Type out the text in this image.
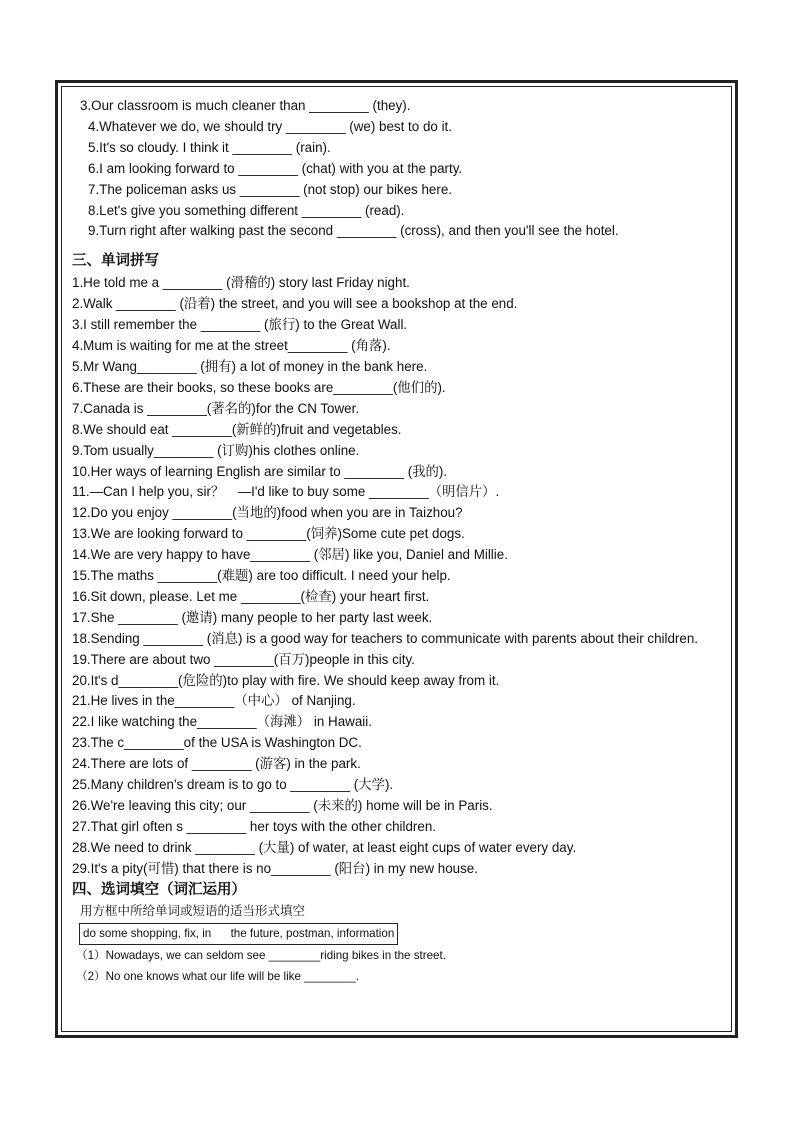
3.Our classroom is much cleaner than ________ (they).
4.Whatever we do, we should try ________ (we) best to do it.
5.It's so cloudy. I think it ________ (rain).
6.I am looking forward to ________ (chat) with you at the party.
7.The policeman asks us ________ (not stop) our bikes here.
8.Let's give you something different ________ (read).
9.Turn right after walking past the second ________ (cross), and then you'll see the hotel.
三、单词拼写
1.He told me a ________ (滑稽的) story last Friday night.
2.Walk ________ (沿着) the street, and you will see a bookshop at the end.
3.I still remember the ________ (旅行) to the Great Wall.
4.Mum is waiting for me at the street________ (角落).
5.Mr Wang________ (拥有) a lot of money in the bank here.
6.These are their books, so these books are________(他们的).
7.Canada is ________(著名的)for the CN Tower.
8.We should eat ________(新鲜的)fruit and vegetables.
9.Tom usually________ (订购)his clothes online.
10.Her ways of learning English are similar to ________ (我的).
11.—Can I help you, sir？　—I'd like to buy some ________（明信片）.
12.Do you enjoy ________(当地的)food when you are in Taizhou?
13.We are looking forward to ________(饲养)Some cute pet dogs.
14.We are very happy to have________ (邻居) like you, Daniel and Millie.
15.The maths ________(难题) are too difficult. I need your help.
16.Sit down, please. Let me ________(检查) your heart first.
17.She ________ (邀请) many people to her party last week.
18.Sending ________ (消息) is a good way for teachers to communicate with parents about their children.
19.There are about two ________(百万)people in this city.
20.It's d________(危险的)to play with fire. We should keep away from it.
21.He lives in the________（中心） of Nanjing.
22.I like watching the________（海滩） in Hawaii.
23.The c________of the USA is Washington DC.
24.There are lots of ________ (游客) in the park.
25.Many children's dream is to go to ________ (大学).
26.We're leaving this city; our ________ (未来的) home will be in Paris.
27.That girl often s ________ her toys with the other children.
28.We need to drink ________ (大量) of water, at least eight cups of water every day.
29.It's a pity(可惜) that there is no________ (阳台) in my new house.
四、选词填空（词汇运用）
用方框中所给单词或短语的适当形式填空
do some shopping, fix, in      the future, postman, information
（1）Nowadays, we can seldom see ________riding bikes in the street.
（2）No one knows what our life will be like ________.
